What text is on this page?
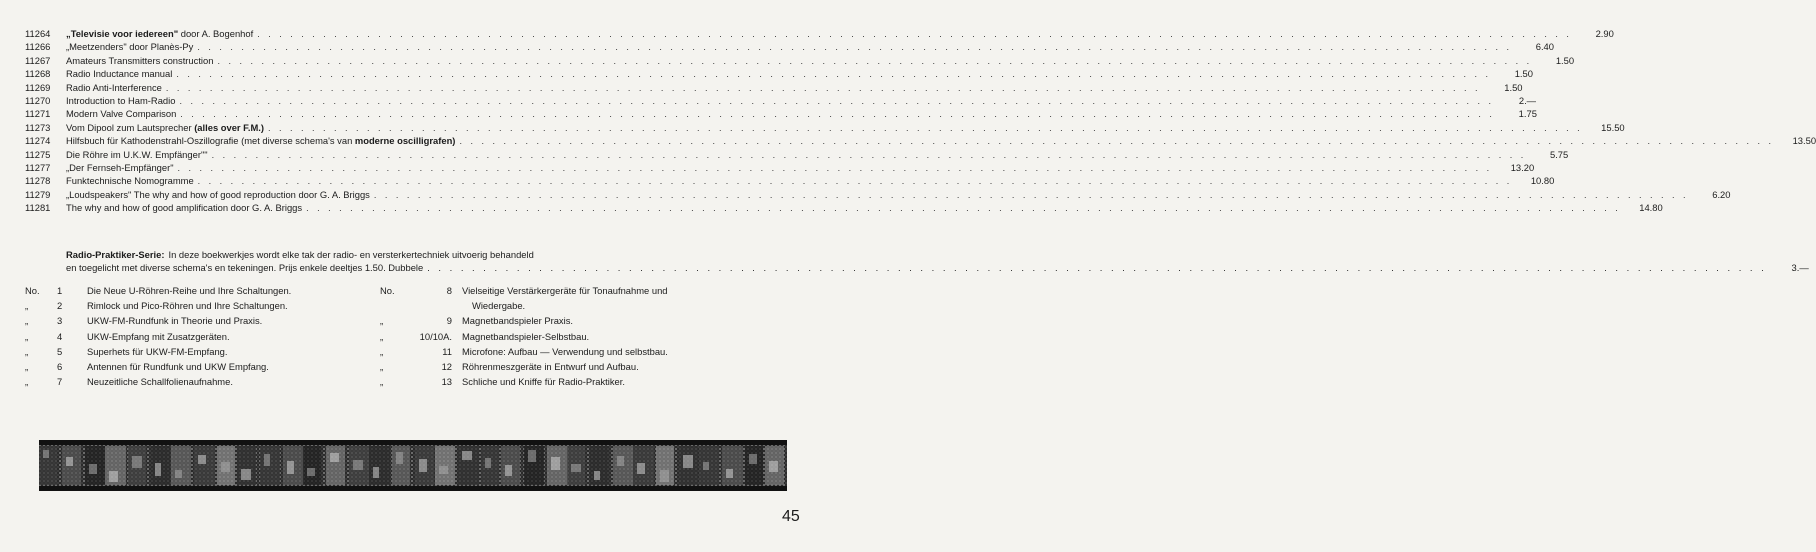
11264	„Televisie voor iedereen" door A. Bogenhof . . . . . . . . . . . . . . . . . . . . . . . . . . . . . . . . . . . . . . . . . . . . . . . . . . . . . . . . . . . . . . . . . . . . . . . . . . . . . . . . . . . . . . . . . . . . . . . . . . . . . . . . . . . . . . . . . . . . . . . .	2.90
11266	„Meetzenders" door Planès-Py . . . . . . . . . . . . . . . . . . . . . . . . . . . . . . . . . . . . . . . . . . . . . . . . . . . . . . . . . . . . . . . . . . . . . . . . . . . . . . . . . . . . . . . . . . . . . . . . . . . . . . . . . . . . . . . . . . . . . . . .	6.40
11267	Amateurs Transmitters construction . . . . . . . . . . . . . . . . . . . . . . . . . . . . . . . . . . . . . . . . . . . . . . . . . . . . . . . . . . . . . . . . . . . . . . . . . . . . . . . . . . . . . . . . . . . . . . . . . . . . . . . . . . . . . . . . . . . . . . . .	1.50
11268	Radio Inductance manual . . . . . . . . . . . . . . . . . . . . . . . . . . . . . . . . . . . . . . . . . . . . . . . . . . . . . . . . . . . . . . . . . . . . . . . . . . . . . . . . . . . . . . . . . . . . . . . . . . . . . . . . . . . . . . . . . . . . . . . .	1.50
11269	Radio Anti-Interference . . . . . . . . . . . . . . . . . . . . . . . . . . . . . . . . . . . . . . . . . . . . . . . . . . . . . . . . . . . . . . . . . . . . . . . . . . . . . . . . . . . . . . . . . . . . . . . . . . . . . . . . . . . . . . . . . . . . . . . .	1.50
11270	Introduction to Ham-Radio . . . . . . . . . . . . . . . . . . . . . . . . . . . . . . . . . . . . . . . . . . . . . . . . . . . . . . . . . . . . . . . . . . . . . . . . . . . . . . . . . . . . . . . . . . . . . . . . . . . . . . . . . . . . . . . . . . . . . . . .	2.—
11271	Modern Valve Comparison . . . . . . . . . . . . . . . . . . . . . . . . . . . . . . . . . . . . . . . . . . . . . . . . . . . . . . . . . . . . . . . . . . . . . . . . . . . . . . . . . . . . . . . . . . . . . . . . . . . . . . . . . . . . . . . . . . . . . . . .	1.75
11273	Vom Dipool zum Lautsprecher (alles over F.M.) . . . . . . . . . . . . . . . . . . . . . . . . . . . . . . . . . . . . . . . . . . . . . . . . . . . . . . . . . . . . . . . . . . . . . . . . . . . . . . . . . . . . . . . . . . . . . . . . . . . . . . . . . . . . . . . . . . . . . . . .	15.50
11274	Hilfsbuch für Kathodenstrahl-Oszillografie (met diverse schema's van moderne oscilligrafen) . . . . . . . . . . . . . . . . . . . . . . . . . . . . . . . . . . . . . . . . . . . . . . . . . . . . . . . . . . . . . . . . . . . . . . . . . . . . . . . . . . . . . . . . . . . . . . . . . . . . . . . . . . . . . . . . . . . . . . . .	13.50
11275	Die Röhre im U.K.W. Empfänger"" . . . . . . . . . . . . . . . . . . . . . . . . . . . . . . . . . . . . . . . . . . . . . . . . . . . . . . . . . . . . . . . . . . . . . . . . . . . . . . . . . . . . . . . . . . . . . . . . . . . . . . . . . . . . . . . . . . . . . . . .	5.75
11277	„Der Fernseh-Empfänger" . . . . . . . . . . . . . . . . . . . . . . . . . . . . . . . . . . . . . . . . . . . . . . . . . . . . . . . . . . . . . . . . . . . . . . . . . . . . . . . . . . . . . . . . . . . . . . . . . . . . . . . . . . . . . . . . . . . . . . . .	13.20
11278	Funktechnische Nomogramme . . . . . . . . . . . . . . . . . . . . . . . . . . . . . . . . . . . . . . . . . . . . . . . . . . . . . . . . . . . . . . . . . . . . . . . . . . . . . . . . . . . . . . . . . . . . . . . . . . . . . . . . . . . . . . . . . . . . . . . .	10.80
11279	„Loudspeakers" The why and how of good reproduction door G. A. Briggs . . . . . . . . . . . . . . . . . . . . . . . . . . . . . . . . . . . . . . . . . . . . . . . . . . . . . . . . . . . . . . . . . . . . . . . . . . . . . . . . . . . . . . . . . . . . . . . . . . . . . . . . . . . . . . . . . . . . . . . .	6.20
11281	The why and how of good amplification door G. A. Briggs . . . . . . . . . . . . . . . . . . . . . . . . . . . . . . . . . . . . . . . . . . . . . . . . . . . . . . . . . . . . . . . . . . . . . . . . . . . . . . . . . . . . . . . . . . . . . . . . . . . . . . . . . . . . . . . . . . . . . . . .	14.80
Radio-Praktiker-Serie: In deze boekwerkjes wordt elke tak der radio- en versterkertechniek uitvoerig behandeld
en toegelicht met diverse schema's en tekeningen. Prijs enkele deeltjes 1.50. Dubbele . . . . . . . . . . . . . . . . . . . . . . . . . . . . . . . . . . . . . . . . . . . . . . . . . . . . . . . . . . . . . . . . . . . . . . . . . . . . . . . . . . . . . . . . . . . . . . . . . . . . . . . . . . . . . . . . . . . . . . . .	3.—
No.	1	Die Neue U-Röhren-Reihe und Ihre Schaltungen.
„	2	Rimlock und Pico-Röhren und Ihre Schaltungen.
„	3	UKW-FM-Rundfunk in Theorie und Praxis.
„	4	UKW-Empfang mit Zusatzgeräten.
„	5	Superhets für UKW-FM-Empfang.
„	6	Antennen für Rundfunk und UKW Empfang.
„	7	Neuzeitliche Schallfolienaufnahme.
No.	8	Vielseitige Verstärkergeräte für Tonaufnahme und
Wiedergabe.
„	9	Magnetbandspieler Praxis.
„	10/10A.	Magnetbandspieler-Selbstbau.
„	11	Microfone: Aufbau — Verwendung und selbstbau.
„	12	Röhrenmeszgeräte in Entwurf und Aufbau.
„	13	Schliche und Kniffe für Radio-Praktiker.
45
